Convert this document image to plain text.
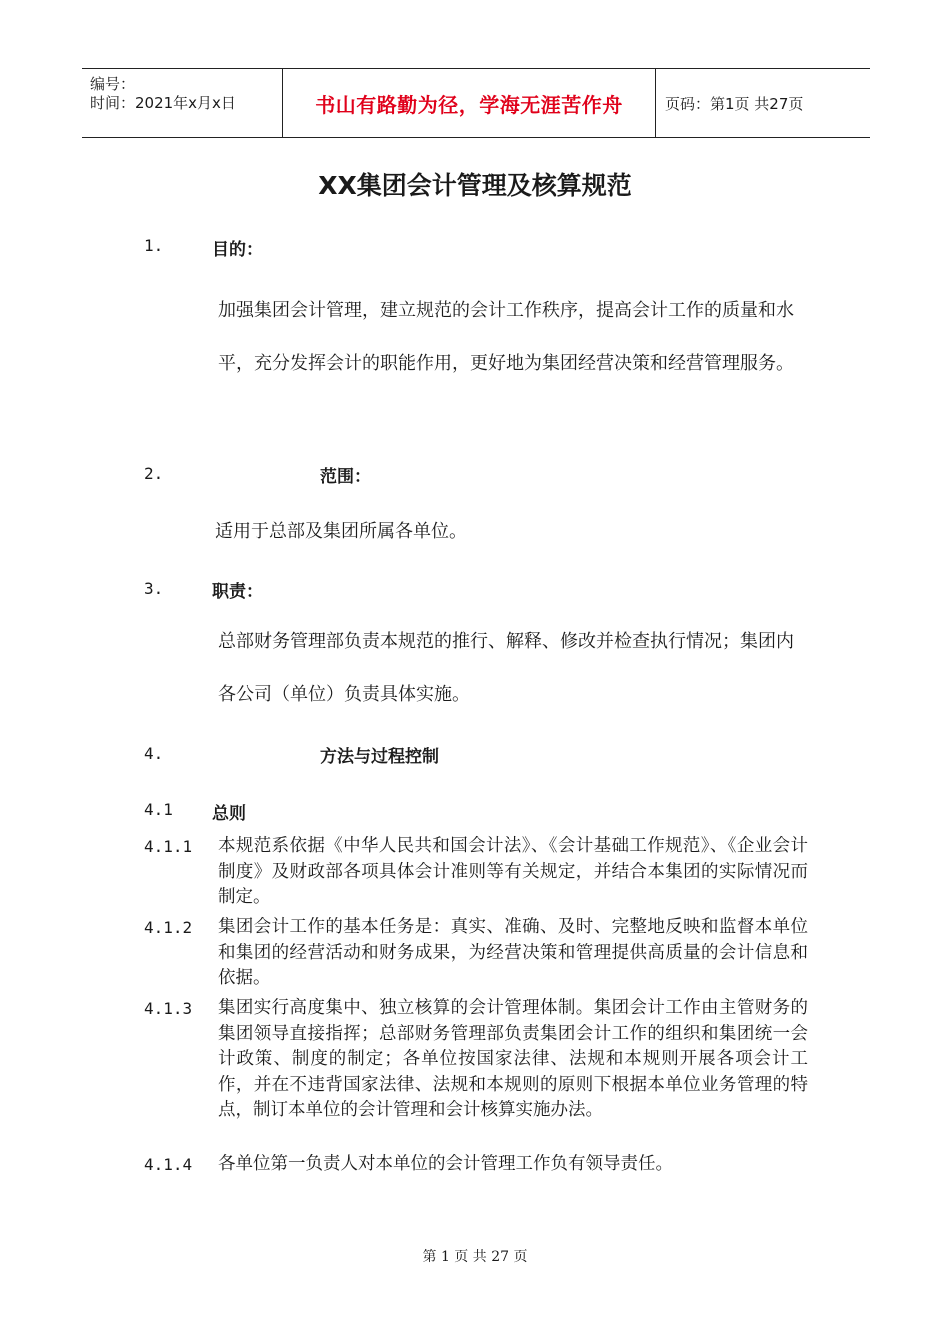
编号：
时间：2021年x月x日	书山有路勤为径，学海无涯苦作舟	页码：第1页 共27页
XX集团会计管理及核算规范
1.	目的：

加强集团会计管理，建立规范的会计工作秩序，提高会计工作的质量和水平，充分发挥会计的职能作用，更好地为集团经营决策和经营管理服务。

2.	范围：
适用于总部及集团所属各单位。
3.	职责：

总部财务管理部负责本规范的推行、解释、修改并检查执行情况；集团内各公司（单位）负责具体实施。

4.	方法与过程控制
4.1 总则
4.1.1 本规范系依据《中华人民共和国会计法》、《会计基础工作规范》、《企业会计制度》及财政部各项具体会计准则等有关规定，并结合本集团的实际情况而制定。

4.1.2 集团会计工作的基本任务是：真实、准确、及时、完整地反映和监督本单位和集团的经营活动和财务成果，为经营决策和管理提供高质量的会计信息和依据。

4.1.3 集团实行高度集中、独立核算的会计管理体制。集团会计工作由主管财务的集团领导直接指挥；总部财务管理部负责集团会计工作的组织和集团统一会计政策、制度的制定；各单位按国家法律、法规和本规则开展各项会计工作，并在不违背国家法律、法规和本规则的原则下根据本单位业务管理的特点，制订本单位的会计管理和会计核算实施办法。

4.1.4 各单位第一负责人对本单位的会计管理工作负有领导责任。

第 1 页 共 27 页
